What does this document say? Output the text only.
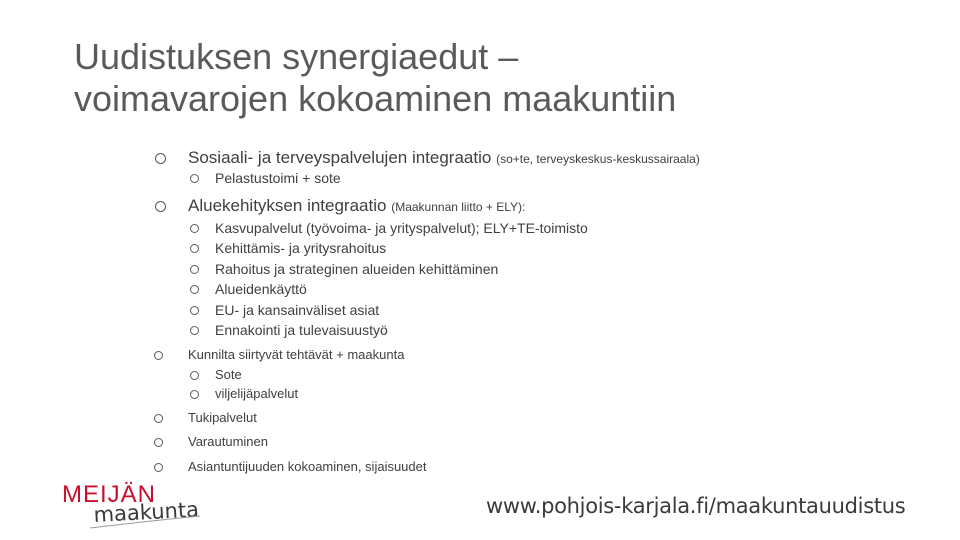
Uudistuksen synergiaedut –
voimavarojen kokoaminen maakuntiin
Sosiaali- ja terveyspalvelujen integraatio (so+te, terveyskeskus-keskussairaala)
Pelastustoimi + sote
Aluekehityksen integraatio (Maakunnan liitto + ELY):
Kasvupalvelut (työvoima- ja yrityspalvelut); ELY+TE-toimisto
Kehittämis- ja yritysrahoitus
Rahoitus ja strateginen alueiden kehittäminen
Alueidenkäyttö
EU- ja kansainväliset asiat
Ennakointi ja tulevaisuustyö
Kunnilta siirtyvät tehtävät + maakunta
Sote
viljelijäpalvelut
Tukipalvelut
Varautuminen
Asiantuntijuuden kokoaminen, sijaisuudet
MEIJÄN
maakunta	www.pohjois-karjala.fi/maakuntauudistus
